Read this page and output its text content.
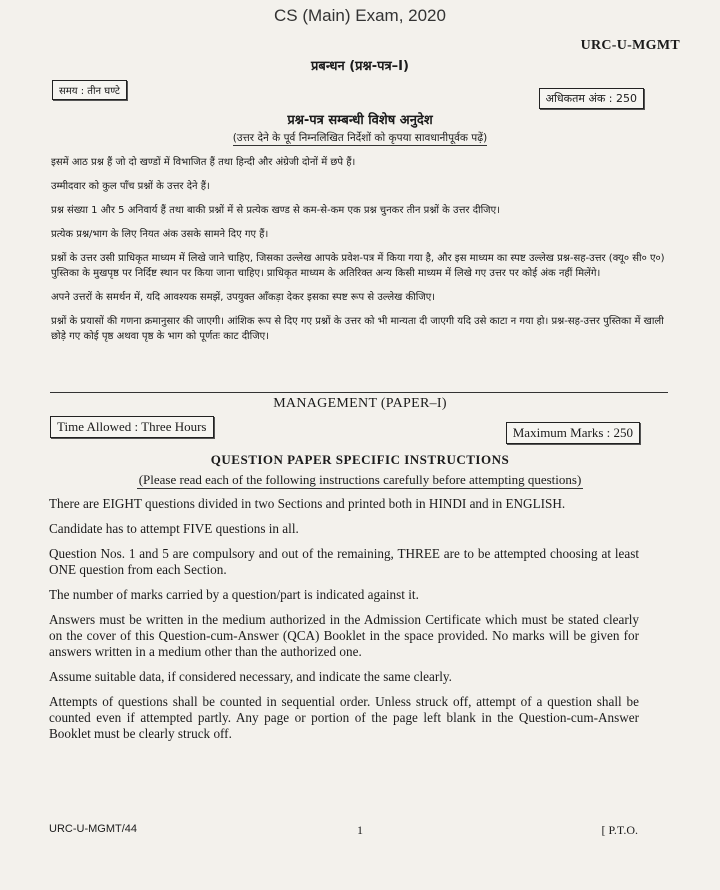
CS (Main) Exam, 2020
URC-U-MGMT
प्रबन्धन (प्रश्न-पत्र–I)
समय : तीन घण्टे
अधिकतम अंक : 250
प्रश्न-पत्र सम्बन्धी विशेष अनुदेश
(उत्तर देने के पूर्व निम्नलिखित निर्देशों को कृपया सावधानीपूर्वक पढ़ें)

इसमें आठ प्रश्न हैं जो दो खण्डों में विभाजित हैं तथा हिन्दी और अंग्रेजी दोनों में छपे हैं।

उम्मीदवार को कुल पाँच प्रश्नों के उत्तर देने हैं।

प्रश्न संख्या 1 और 5 अनिवार्य हैं तथा बाकी प्रश्नों में से प्रत्येक खण्ड से कम-से-कम एक प्रश्न चुनकर तीन प्रश्नों के उत्तर दीजिए।

प्रत्येक प्रश्न/भाग के लिए नियत अंक उसके सामने दिए गए हैं।

प्रश्नों के उत्तर उसी प्राधिकृत माध्यम में लिखे जाने चाहिए, जिसका उल्लेख आपके प्रवेश-पत्र में किया गया है, और इस माध्यम का स्पष्ट उल्लेख प्रश्न-सह-उत्तर (क्यू० सी० ए०) पुस्तिका के मुखपृष्ठ पर निर्दिष्ट स्थान पर किया जाना चाहिए। प्राधिकृत माध्यम के अतिरिक्त अन्य किसी माध्यम में लिखे गए उत्तर पर कोई अंक नहीं मिलेंगे।

अपने उत्तरों के समर्थन में, यदि आवश्यक समझें, उपयुक्त आँकड़ा देकर इसका स्पष्ट रूप से उल्लेख कीजिए।

प्रश्नों के प्रयासों की गणना क्रमानुसार की जाएगी। आंशिक रूप से दिए गए प्रश्नों के उत्तर को भी मान्यता दी जाएगी यदि उसे काटा न गया हो। प्रश्न-सह-उत्तर पुस्तिका में खाली छोड़े गए कोई पृष्ठ अथवा पृष्ठ के भाग को पूर्णतः काट दीजिए।

MANAGEMENT (PAPER–I)
Time Allowed : Three Hours	Maximum Marks : 250
QUESTION PAPER SPECIFIC INSTRUCTIONS
(Please read each of the following instructions carefully before attempting questions)

There are EIGHT questions divided in two Sections and printed both in HINDI and in ENGLISH.

Candidate has to attempt FIVE questions in all.

Question Nos. 1 and 5 are compulsory and out of the remaining, THREE are to be attempted choosing at least ONE question from each Section.

The number of marks carried by a question/part is indicated against it.

Answers must be written in the medium authorized in the Admission Certificate which must be stated clearly on the cover of this Question-cum-Answer (QCA) Booklet in the space provided. No marks will be given for answers written in a medium other than the authorized one.

Assume suitable data, if considered necessary, and indicate the same clearly.

Attempts of questions shall be counted in sequential order. Unless struck off, attempt of a question shall be counted even if attempted partly. Any page or portion of the page left blank in the Question-cum-Answer Booklet must be clearly struck off.

URC-U-MGMT/44	1	[ P.T.O.
